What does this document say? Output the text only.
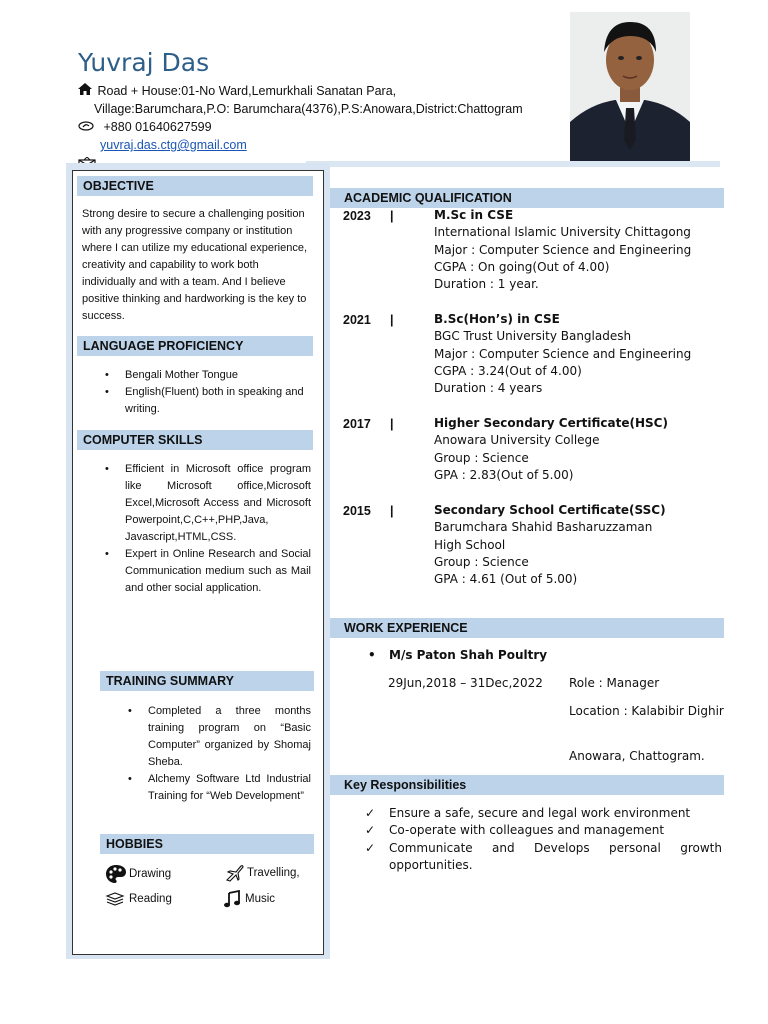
Yuvraj Das
Road + House:01-No Ward,Lemurkhali Sanatan Para,
Village:Barumchara,P.O: Barumchara(4376),P.S:Anowara,District:Chattogram
+880 01640627599
yuvraj.das.ctg@gmail.com
OBJECTIVE
Strong desire to secure a challenging position with any progressive company or institution where I can utilize my educational experience, creativity and capability to work both individually and with a team. And I believe positive thinking and hardworking is the key to success.
LANGUAGE PROFICIENCY
• Bengali Mother Tongue
• English(Fluent) both in speaking and writing.
COMPUTER SKILLS
• Efficient in Microsoft office program like Microsoft office,Microsoft Excel,Microsoft Access and Microsoft Powerpoint,C,C++,PHP,Java, Javascript,HTML,CSS.
• Expert in Online Research and Social Communication medium such as Mail and other social application.
TRAINING SUMMARY
• Completed a three months training program on “Basic Computer” organized by Shomaj Sheba.
• Alchemy Software Ltd Industrial Training for “Web Development”
HOBBIES
Drawing	Travelling,
Reading	Music
ACADEMIC QUALIFICATION
2023 |	M.Sc in CSE
International Islamic University Chittagong
Major : Computer Science and Engineering
CGPA : On going(Out of 4.00)
Duration : 1 year.
2021 |	B.Sc(Hon’s) in CSE
BGC Trust University Bangladesh
Major : Computer Science and Engineering
CGPA : 3.24(Out of 4.00)
Duration : 4 years
2017 |	Higher Secondary Certificate(HSC)
Anowara University College
Group : Science
GPA : 2.83(Out of 5.00)
2015 |	Secondary School Certificate(SSC)
Barumchara Shahid Basharuzzaman
High School
Group : Science
GPA : 4.61 (Out of 5.00)
WORK EXPERIENCE
• M/s Paton Shah Poultry
29Jun,2018 – 31Dec,2022 Role : Manager
Location : Kalabibir Dighir
Anowara, Chattogram.
Key Responsibilities
✓ Ensure a safe, secure and legal work environment
✓ Co-operate with colleagues and management
✓ Communicate and Develops personal growth opportunities.
